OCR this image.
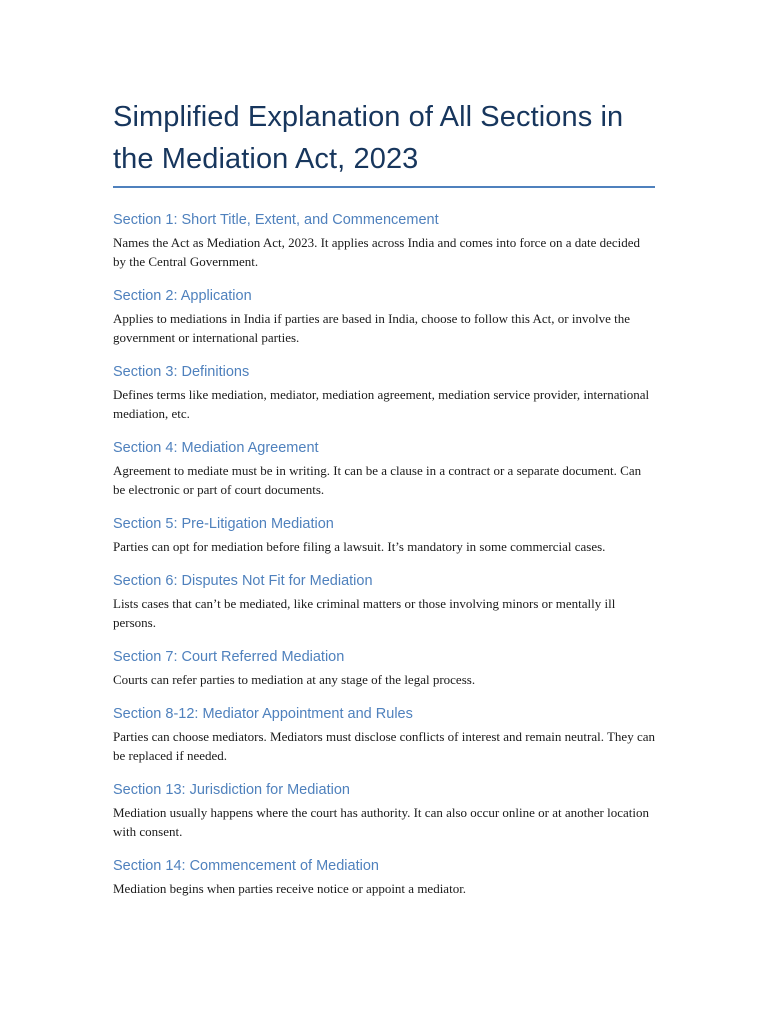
Simplified Explanation of All Sections in the Mediation Act, 2023
Section 1: Short Title, Extent, and Commencement

Names the Act as Mediation Act, 2023. It applies across India and comes into force on a date decided by the Central Government.

Section 2: Application

Applies to mediations in India if parties are based in India, choose to follow this Act, or involve the government or international parties.

Section 3: Definitions

Defines terms like mediation, mediator, mediation agreement, mediation service provider, international mediation, etc.

Section 4: Mediation Agreement

Agreement to mediate must be in writing. It can be a clause in a contract or a separate document. Can be electronic or part of court documents.

Section 5: Pre-Litigation Mediation

Parties can opt for mediation before filing a lawsuit. It’s mandatory in some commercial cases.

Section 6: Disputes Not Fit for Mediation

Lists cases that can’t be mediated, like criminal matters or those involving minors or mentally ill persons.

Section 7: Court Referred Mediation

Courts can refer parties to mediation at any stage of the legal process.

Section 8-12: Mediator Appointment and Rules

Parties can choose mediators. Mediators must disclose conflicts of interest and remain neutral. They can be replaced if needed.

Section 13: Jurisdiction for Mediation

Mediation usually happens where the court has authority. It can also occur online or at another location with consent.

Section 14: Commencement of Mediation

Mediation begins when parties receive notice or appoint a mediator.
